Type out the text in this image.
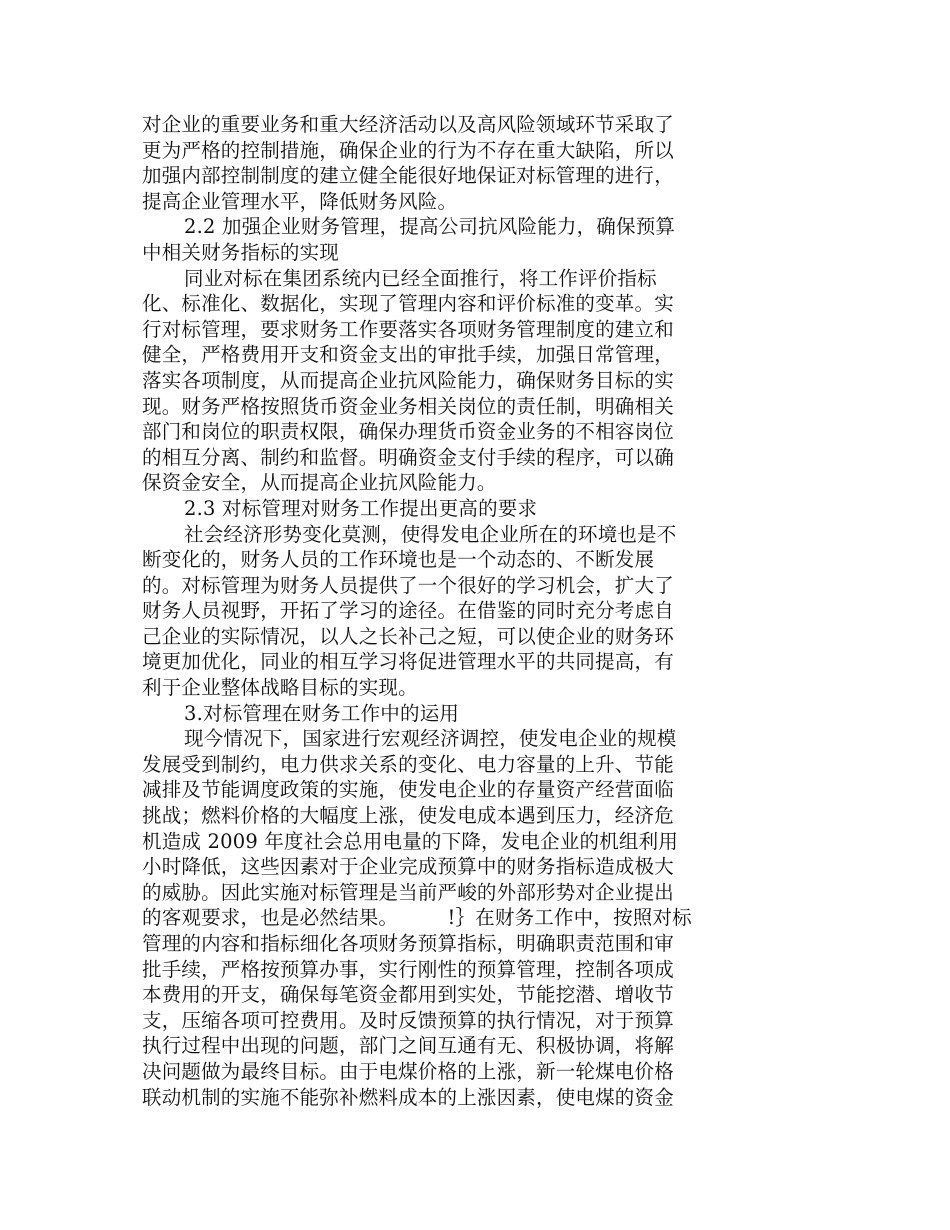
对企业的重要业务和重大经济活动以及高风险领域环节采取了
更为严格的控制措施，确保企业的行为不存在重大缺陷，所以
加强内部控制制度的建立健全能很好地保证对标管理的进行，
提高企业管理水平，降低财务风险。
2.2 加强企业财务管理，提高公司抗风险能力，确保预算
中相关财务指标的实现
同业对标在集团系统内已经全面推行，将工作评价指标
化、标准化、数据化，实现了管理内容和评价标准的变革。实
行对标管理，要求财务工作要落实各项财务管理制度的建立和
健全，严格费用开支和资金支出的审批手续，加强日常管理，
落实各项制度，从而提高企业抗风险能力，确保财务目标的实
现。财务严格按照货币资金业务相关岗位的责任制，明确相关
部门和岗位的职责权限，确保办理货币资金业务的不相容岗位
的相互分离、制约和监督。明确资金支付手续的程序，可以确
保资金安全，从而提高企业抗风险能力。
2.3 对标管理对财务工作提出更高的要求
社会经济形势变化莫测，使得发电企业所在的环境也是不
断变化的，财务人员的工作环境也是一个动态的、不断发展
的。对标管理为财务人员提供了一个很好的学习机会，扩大了
财务人员视野，开拓了学习的途径。在借鉴的同时充分考虑自
己企业的实际情况，以人之长补己之短，可以使企业的财务环
境更加优化，同业的相互学习将促进管理水平的共同提高，有
利于企业整体战略目标的实现。
3.对标管理在财务工作中的运用
现今情况下，国家进行宏观经济调控，使发电企业的规模
发展受到制约，电力供求关系的变化、电力容量的上升、节能
减排及节能调度政策的实施，使发电企业的存量资产经营面临
挑战；燃料价格的大幅度上涨，使发电成本遇到压力，经济危
机造成 2009 年度社会总用电量的下降，发电企业的机组利用
小时降低，这些因素对于企业完成预算中的财务指标造成极大
的威胁。因此实施对标管理是当前严峻的外部形势对企业提出
的客观要求，也是必然结果。　　　!｝在财务工作中，按照对标
管理的内容和指标细化各项财务预算指标，明确职责范围和审
批手续，严格按预算办事，实行刚性的预算管理，控制各项成
本费用的开支，确保每笔资金都用到实处，节能挖潜、增收节
支，压缩各项可控费用。及时反馈预算的执行情况，对于预算
执行过程中出现的问题，部门之间互通有无、积极协调，将解
决问题做为最终目标。由于电煤价格的上涨，新一轮煤电价格
联动机制的实施不能弥补燃料成本的上涨因素，使电煤的资金
